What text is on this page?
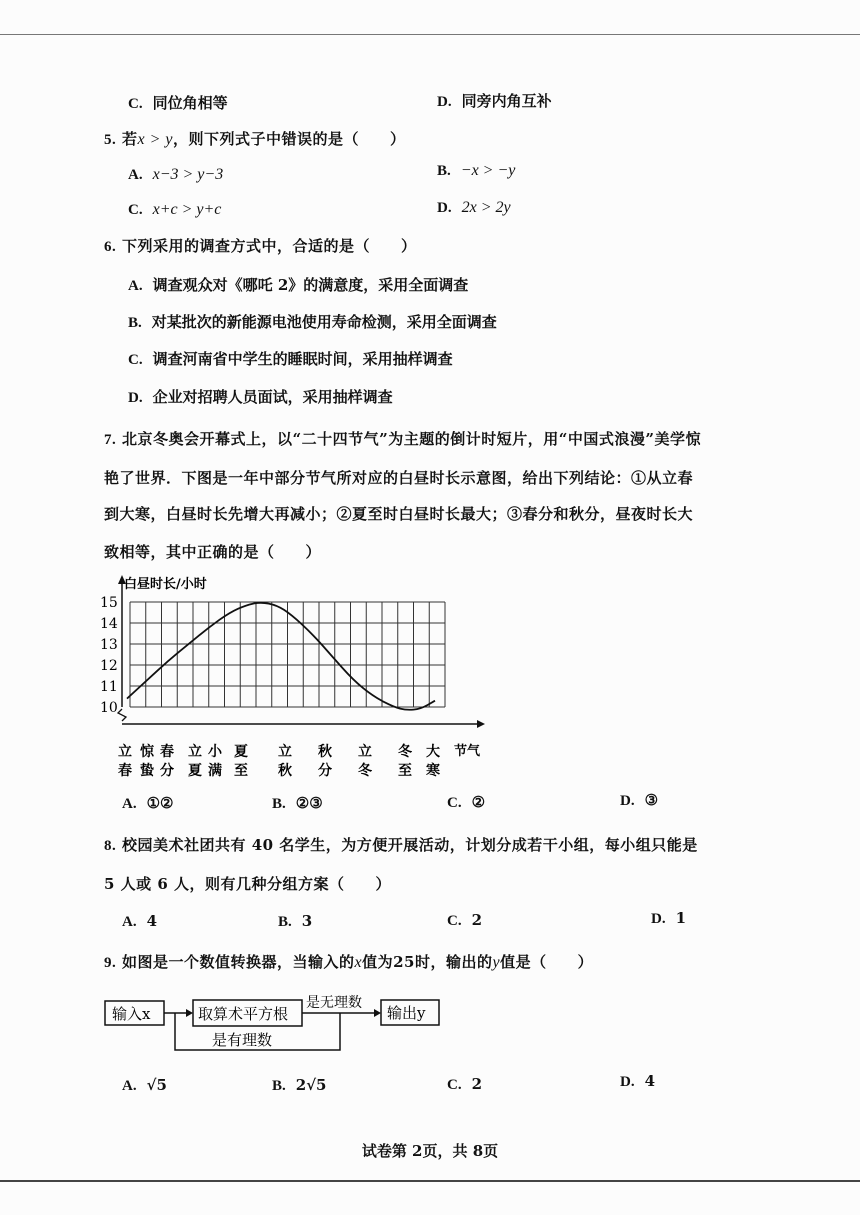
C. 同位角相等	D. 同旁内角互补
5. 若x > y，则下列式子中错误的是（　　）
A. x−3 > y−3	B. −x > −y
C. x+c > y+c	D. 2x > 2y
6. 下列采用的调查方式中，合适的是（　　）
A. 调查观众对《哪吒 2》的满意度，采用全面调查
B. 对某批次的新能源电池使用寿命检测，采用全面调查
C. 调查河南省中学生的睡眠时间，采用抽样调查
D. 企业对招聘人员面试，采用抽样调查
7. 北京冬奥会开幕式上，以“二十四节气”为主题的倒计时短片，用“中国式浪漫”美学惊
艳了世界．下图是一年中部分节气所对应的白昼时长示意图，给出下列结论：①从立春
到大寒，白昼时长先增大再减小；②夏至时白昼时长最大；③春分和秋分，昼夜时长大
致相等，其中正确的是（　　）
10
11
12
13
14
15
立
春
惊
蛰
春
分
立
夏
小
满
夏
至
立
秋
秋
分
立
冬
冬
至
大
寒
白昼时长/小时
节气
A. ①②	B. ②③	C. ②	D. ③
8. 校园美术社团共有 40 名学生，为方便开展活动，计划分成若干小组，每小组只能是
5 人或 6 人，则有几种分组方案（　　）
A. 4	B. 3	C. 2	D. 1
9. 如图是一个数值转换器，当输入的x值为25时，输出的y值是（　　）
输入x	取算术平方根
是无理数
输出y
是有理数
A. √5	B. 2√5	C. 2	D. 4
试卷第 2页，共 8页
